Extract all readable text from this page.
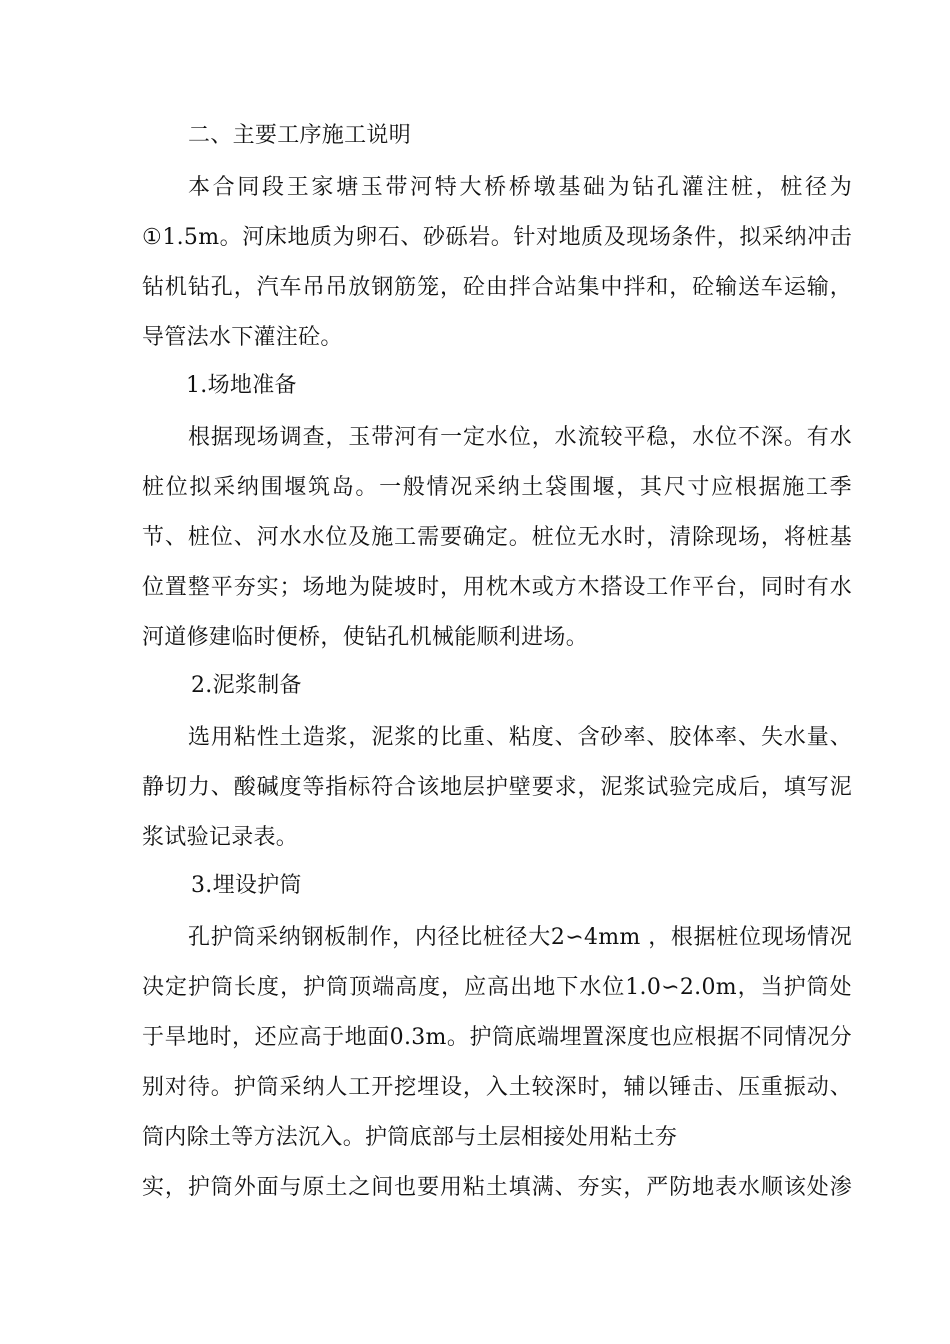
二、主要工序施工说明
本合同段王家塘玉带河特大桥桥墩基础为钻孔灌注桩，桩径为
①1.5m。河床地质为卵石、砂砾岩。针对地质及现场条件，拟采纳冲击
钻机钻孔，汽车吊吊放钢筋笼，砼由拌合站集中拌和，砼输送车运输，
导管法水下灌注砼。
1.场地准备
根据现场调查，玉带河有一定水位，水流较平稳，水位不深。有水
桩位拟采纳围堰筑岛。一般情况采纳土袋围堰，其尺寸应根据施工季
节、桩位、河水水位及施工需要确定。桩位无水时，清除现场，将桩基
位置整平夯实；场地为陡坡时，用枕木或方木搭设工作平台，同时有水
河道修建临时便桥，使钻孔机械能顺利进场。
2.泥浆制备
选用粘性土造浆，泥浆的比重、粘度、含砂率、胶体率、失水量、
静切力、酸碱度等指标符合该地层护壁要求，泥浆试验完成后，填写泥
浆试验记录表。
3.埋设护筒
孔护筒采纳钢板制作，内径比桩径大2∽4mm ，根据桩位现场情况
决定护筒长度，护筒顶端高度，应高出地下水位1.0∽2.0m，当护筒处
于旱地时，还应高于地面0.3m。护筒底端埋置深度也应根据不同情况分
别对待。护筒采纳人工开挖埋设，入土较深时，辅以锤击、压重振动、
筒内除土等方法沉入。护筒底部与土层相接处用粘土夯
实，护筒外面与原土之间也要用粘土填满、夯实，严防地表水顺该处渗
